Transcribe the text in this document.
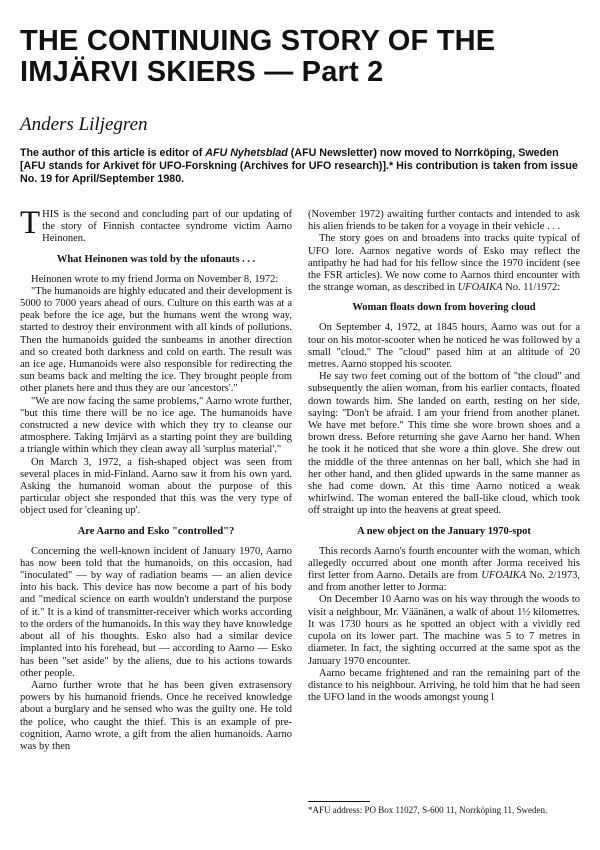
THE CONTINUING STORY OF THE
IMJÄRVI SKIERS — Part 2
Anders Liljegren
The author of this article is editor of AFU Nyhetsblad (AFU Newsletter) now moved to Norrköping, Sweden [AFU stands for Arkivet för UFO-Forskning (Archives for UFO research)].* His contribution is taken from issue No. 19 for April/September 1980.

THIS is the second and concluding part of our updating of the story of Finnish contactee syndrome victim Aarno Heinonen.

What Heinonen was told by the ufonauts . . .

Heinonen wrote to my friend Jorma on November 8, 1972:

"The humanoids are highly educated and their development is 5000 to 7000 years ahead of ours. Culture on this earth was at a peak before the ice age, but the humans went the wrong way, started to destroy their environment with all kinds of pollutions. Then the humanoids guided the sunbeams in another direction and so created both darkness and cold on earth. The result was an ice age. Humanoids were also responsible for redirecting the sun beams back and melting the ice. They brought people from other planets here and thus they are our 'ancestors'."

"We are now facing the same problems," Aarno wrote further, "but this time there will be no ice age. The humanoids have constructed a new device with which they try to cleanse our atmosphere. Taking Imjärvi as a starting point they are building a triangle within which they clean away all 'surplus material'."

On March 3, 1972, a fish-shaped object was seen from several places in mid-Finland. Aarno saw it from his own yard. Asking the humanoid woman about the purpose of this particular object she responded that this was the very type of object used for 'cleaning up'.

Are Aarno and Esko "controlled"?

Concerning the well-known incident of January 1970, Aarno has now been told that the humanoids, on this occasion, had "inoculated" — by way of radiation beams — an alien device into his back. This device has now become a part of his body and "medical science on earth wouldn't understand the purpose of it." It is a kind of transmitter-receiver which works according to the orders of the humanoids. In this way they have knowledge about all of his thoughts. Esko also had a similar device implanted into his forehead, but — according to Aarno — Esko has been "set aside" by the aliens, due to his actions towards other people.

Aarno further wrote that he has been given extrasensory powers by his humanoid friends. Once he received knowledge about a burglary and he sensed who was the guilty one. He told the police, who caught the thief. This is an example of pre-cognition, Aarno wrote, a gift from the alien humanoids. Aarno was by then

(November 1972) awaiting further contacts and intended to ask his alien friends to be taken for a voyage in their vehicle . . .

The story goes on and broadens into tracks quite typical of UFO lore. Aarnos negative words of Esko may reflect the antipathy he had had for his fellow since the 1970 incident (see the FSR articles). We now come to Aarnos third encounter with the strange woman, as described in UFOAIKA No. 11/1972:

Woman floats down from hovering cloud

On September 4, 1972, at 1845 hours, Aarno was out for a tour on his motor-scooter when he noticed he was followed by a small "cloud." The "cloud" pased him at an altitude of 20 metres. Aarno stopped his scooter.

He say two feet coming out of the bottom of "the cloud" and subsequently the alien woman, from his earlier contacts, floated down towards him. She landed on earth, resting on her side, saying: "Don't be afraid. I am your friend from another planet. We have met before." This time she wore brown shoes and a brown dress. Before returning she gave Aarno her hand. When he took it he noticed that she wore a thin glove. She drew out the middle of the three antennas on her ball, which she had in her other hand, and then glided upwards in the same manner as she had come down. At this time Aarno noticed a weak whirlwind. The woman entered the ball-like cloud, which took off straight up into the heavens at great speed.

A new object on the January 1970-spot

This records Aarno's fourth encounter with the woman, which allegedly occurred about one month after Jorma received his first letter from Aarno. Details are from UFOAIKA No. 2/1973, and from another letter to Jorma:

On December 10 Aarno was on his way through the woods to visit a neighbour, Mr. Väänänen, a walk of about 1½ kilometres. It was 1730 hours as he spotted an object with a vividly red cupola on its lower part. The machine was 5 to 7 metres in diameter. In fact, the sighting occurred at the same spot as the January 1970 encounter.

Aarno became frightened and ran the remaining part of the distance to his neighbour. Arriving, he told him that he had seen the UFO land in the woods amongst young l

*AFU address: PO Box 11027, S-600 11, Norrköping 11, Sweden.
